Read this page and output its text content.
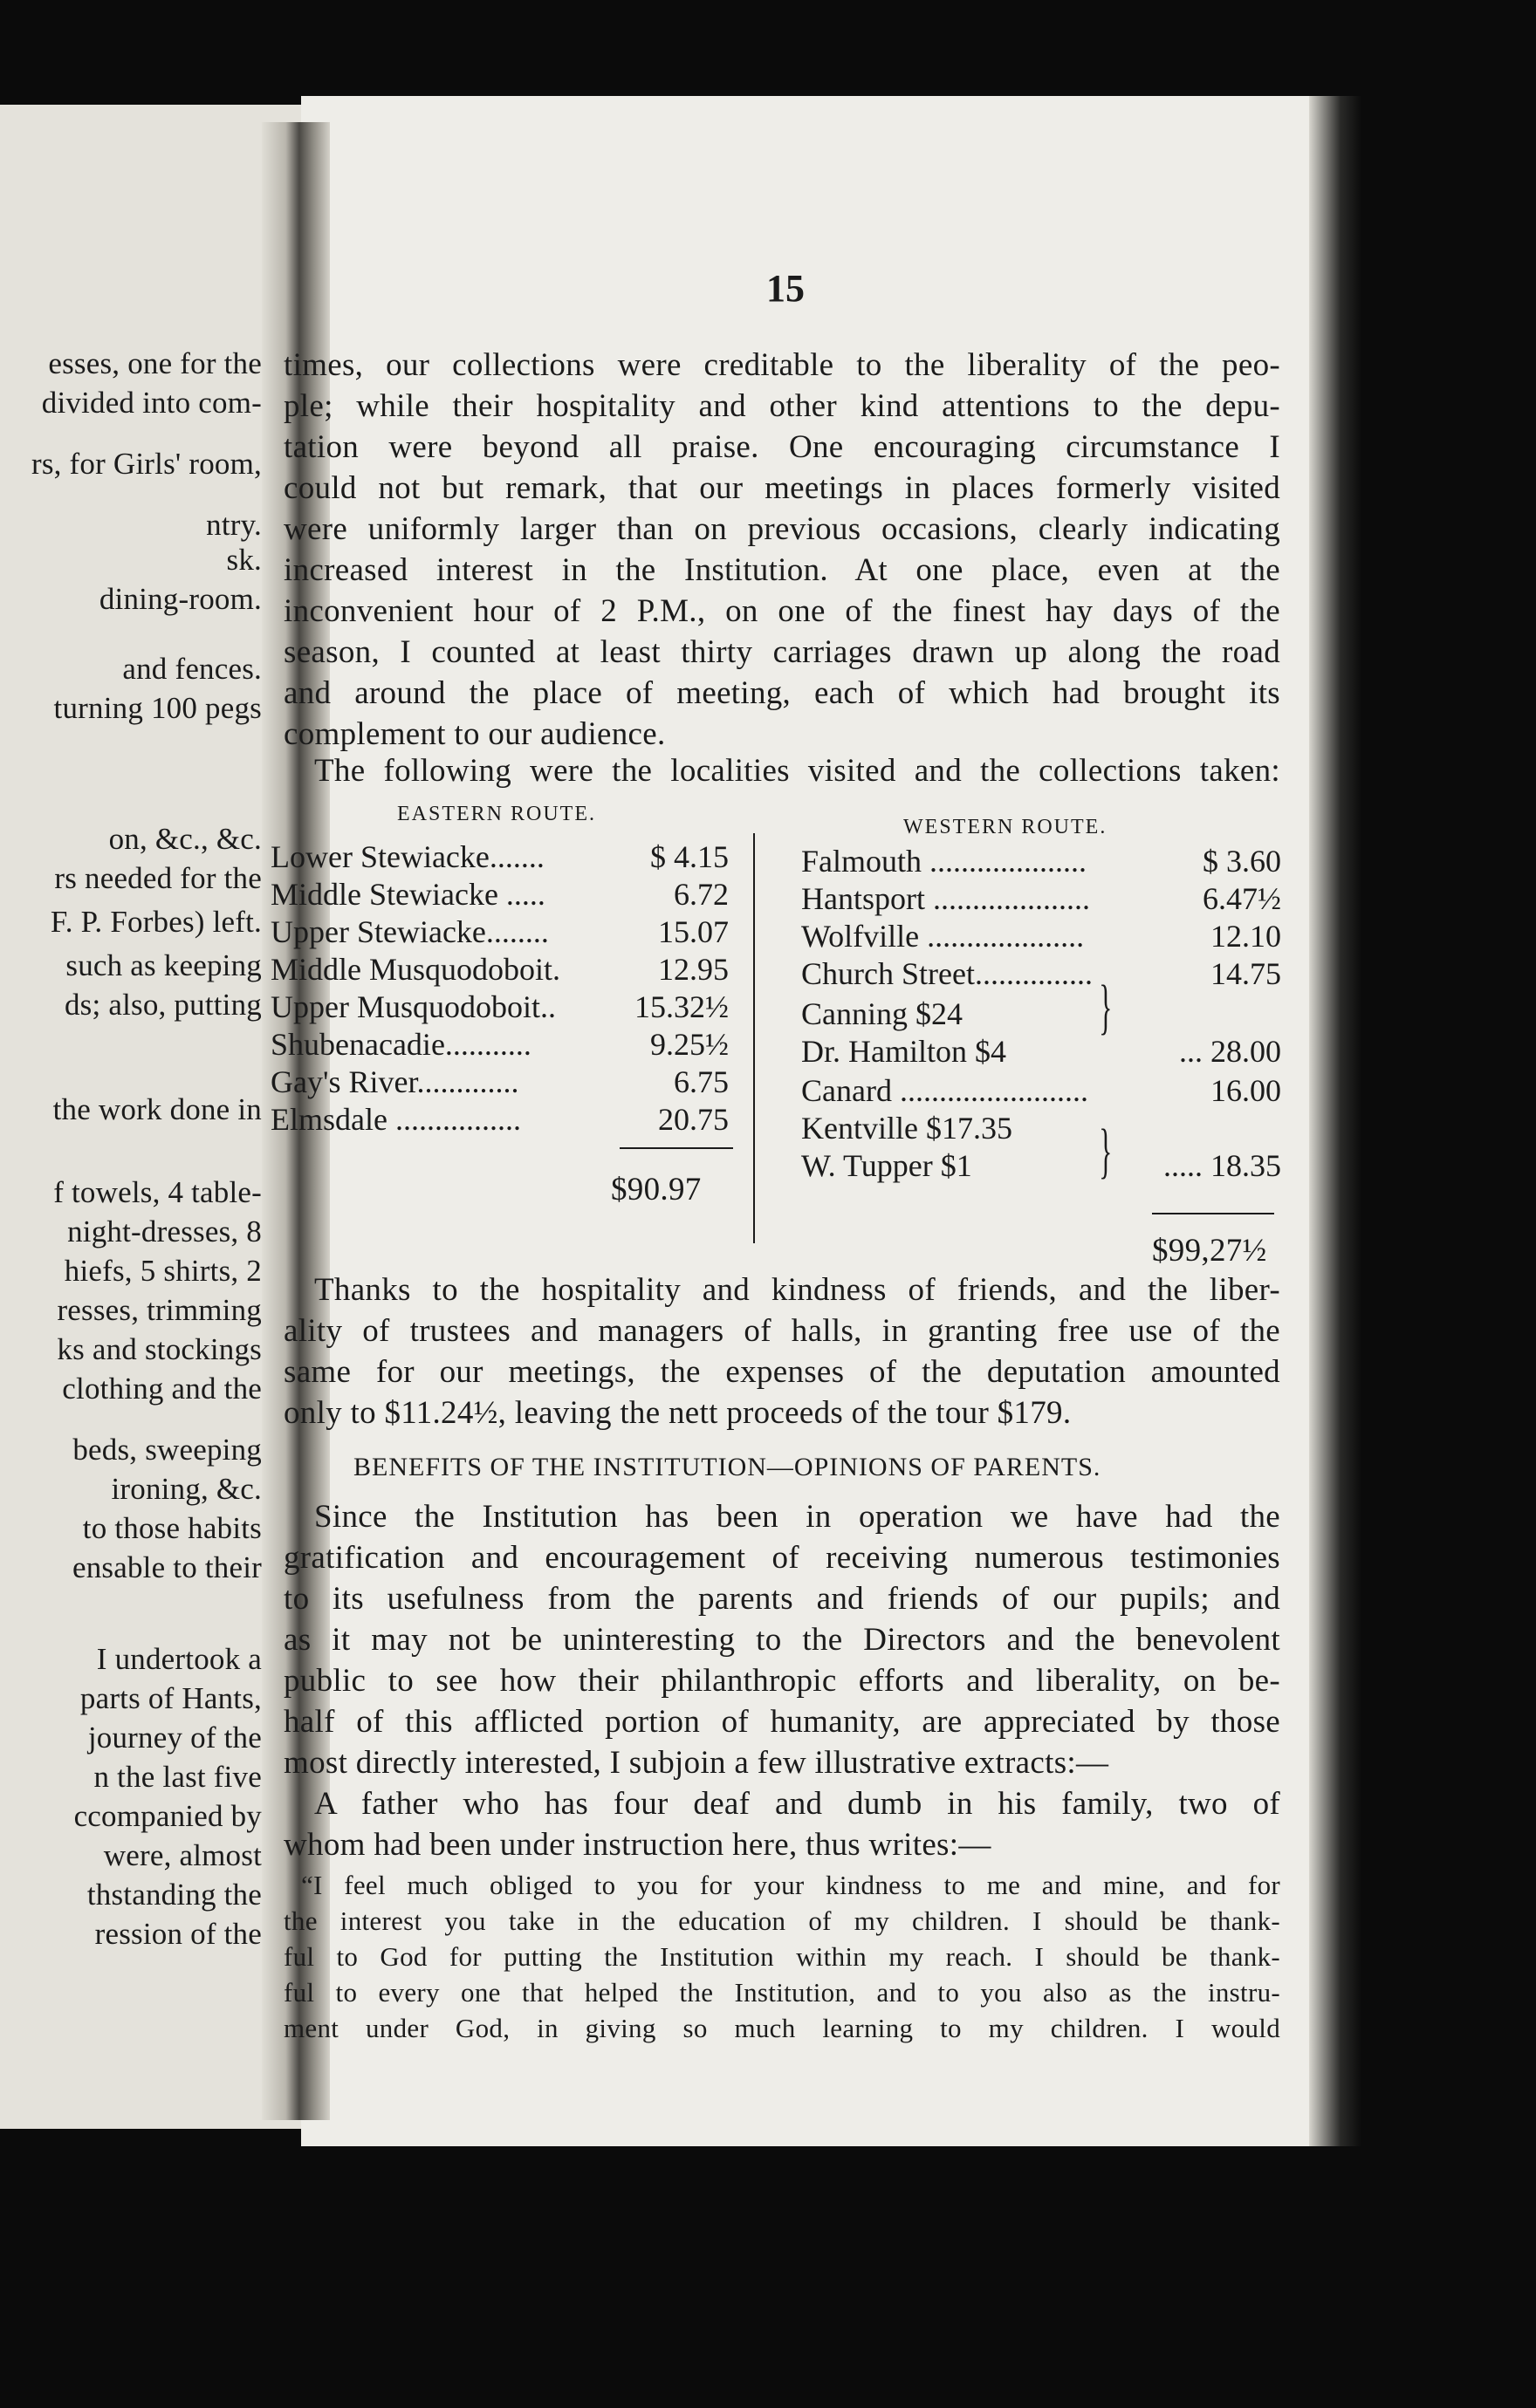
esses, one for the
divided into com-
rs, for Girls' room,
ntry.
sk.
dining-room.
and fences.
turning 100 pegs
on, &c., &c.
rs needed for the
F. P. Forbes) left.
such as keeping
ds; also, putting
the work done in
f towels, 4 table-
night-dresses, 8
hiefs, 5 shirts, 2
resses, trimming
ks and stockings
clothing and the
beds, sweeping
ironing, &c.
to those habits
ensable to their
I undertook a
parts of Hants,
journey of the
n the last five
ccompanied by
were, almost
thstanding the
ression of the
15
times, our collections were creditable to the liberality of the peo-
ple; while their hospitality and other kind attentions to the depu-
tation were beyond all praise. One encouraging circumstance I
could not but remark, that our meetings in places formerly visited
were uniformly larger than on previous occasions, clearly indicating
increased interest in the Institution. At one place, even at the
inconvenient hour of 2 P.M., on one of the finest hay days of the
season, I counted at least thirty carriages drawn up along the road
and around the place of meeting, each of which had brought its
complement to our audience.
The following were the localities visited and the collections taken:
EASTERN ROUTE.
Lower Stewiacke.......	$ 4.15
Middle Stewiacke .....	6.72
Upper Stewiacke........	15.07
Middle Musquodoboit.	12.95
Upper Musquodoboit..	15.32½
Shubenacadie...........	9.25½
Gay's River.............	6.75
Elmsdale ................	20.75
$90.97
WESTERN ROUTE.
Falmouth ....................	$ 3.60
Hantsport ....................	6.47½
Wolfville ....................	12.10
Church Street...............	14.75
Canning $24
Dr. Hamilton $4	... 28.00
Canard ........................	16.00
Kentville $17.35
W. Tupper $1	..... 18.35
}
}
$99,27½
Thanks to the hospitality and kindness of friends, and the liber-
ality of trustees and managers of halls, in granting free use of the
same for our meetings, the expenses of the deputation amounted
only to $11.24½, leaving the nett proceeds of the tour $179.
BENEFITS OF THE INSTITUTION—OPINIONS OF PARENTS.
Since the Institution has been in operation we have had the
gratification and encouragement of receiving numerous testimonies
to its usefulness from the parents and friends of our pupils; and
as it may not be uninteresting to the Directors and the benevolent
public to see how their philanthropic efforts and liberality, on be-
half of this afflicted portion of humanity, are appreciated by those
most directly interested, I subjoin a few illustrative extracts:—
A father who has four deaf and dumb in his family, two of
whom had been under instruction here, thus writes:—
“I feel much obliged to you for your kindness to me and mine, and for
the interest you take in the education of my children. I should be thank-
ful to God for putting the Institution within my reach. I should be thank-
ful to every one that helped the Institution, and to you also as the instru-
ment under God, in giving so much learning to my children. I would
